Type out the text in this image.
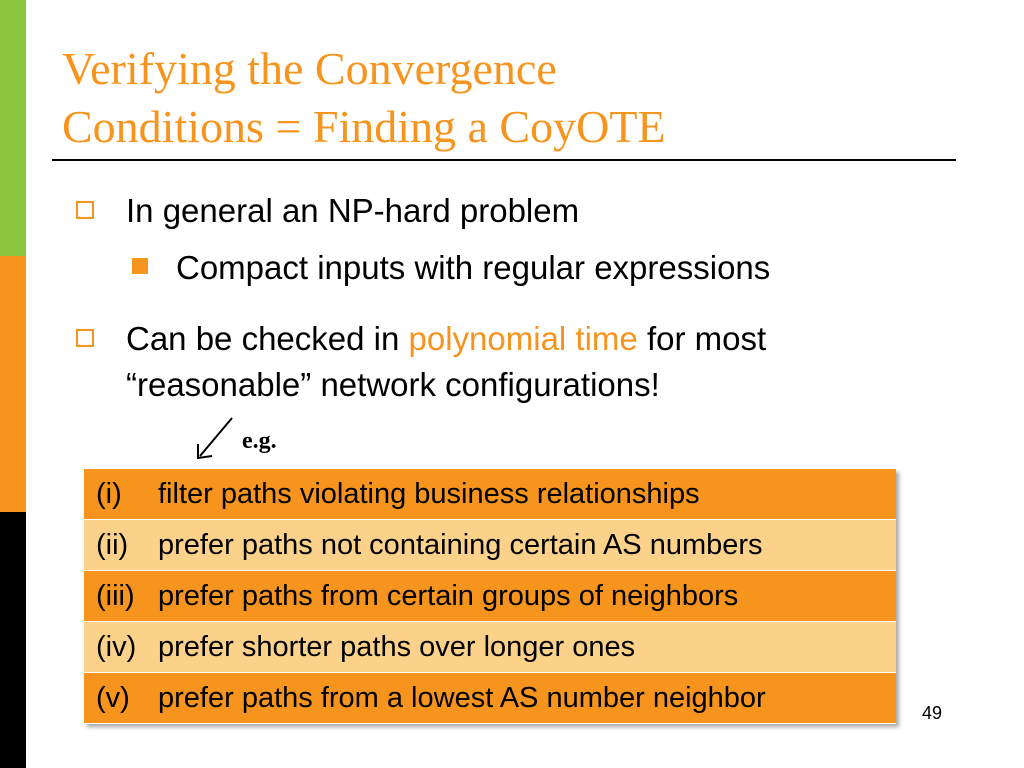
Verifying the Convergence
Conditions = Finding a CoyOTE
In general an NP-hard problem
Compact inputs with regular expressions
Can be checked in polynomial time for most
“reasonable” network configurations!
e.g.
(i)	filter paths violating business relationships
(ii)	prefer paths not containing certain AS numbers
(iii) prefer paths from certain groups of neighbors
(iv) prefer shorter paths over longer ones
(v) prefer paths from a lowest AS number neighbor	49
